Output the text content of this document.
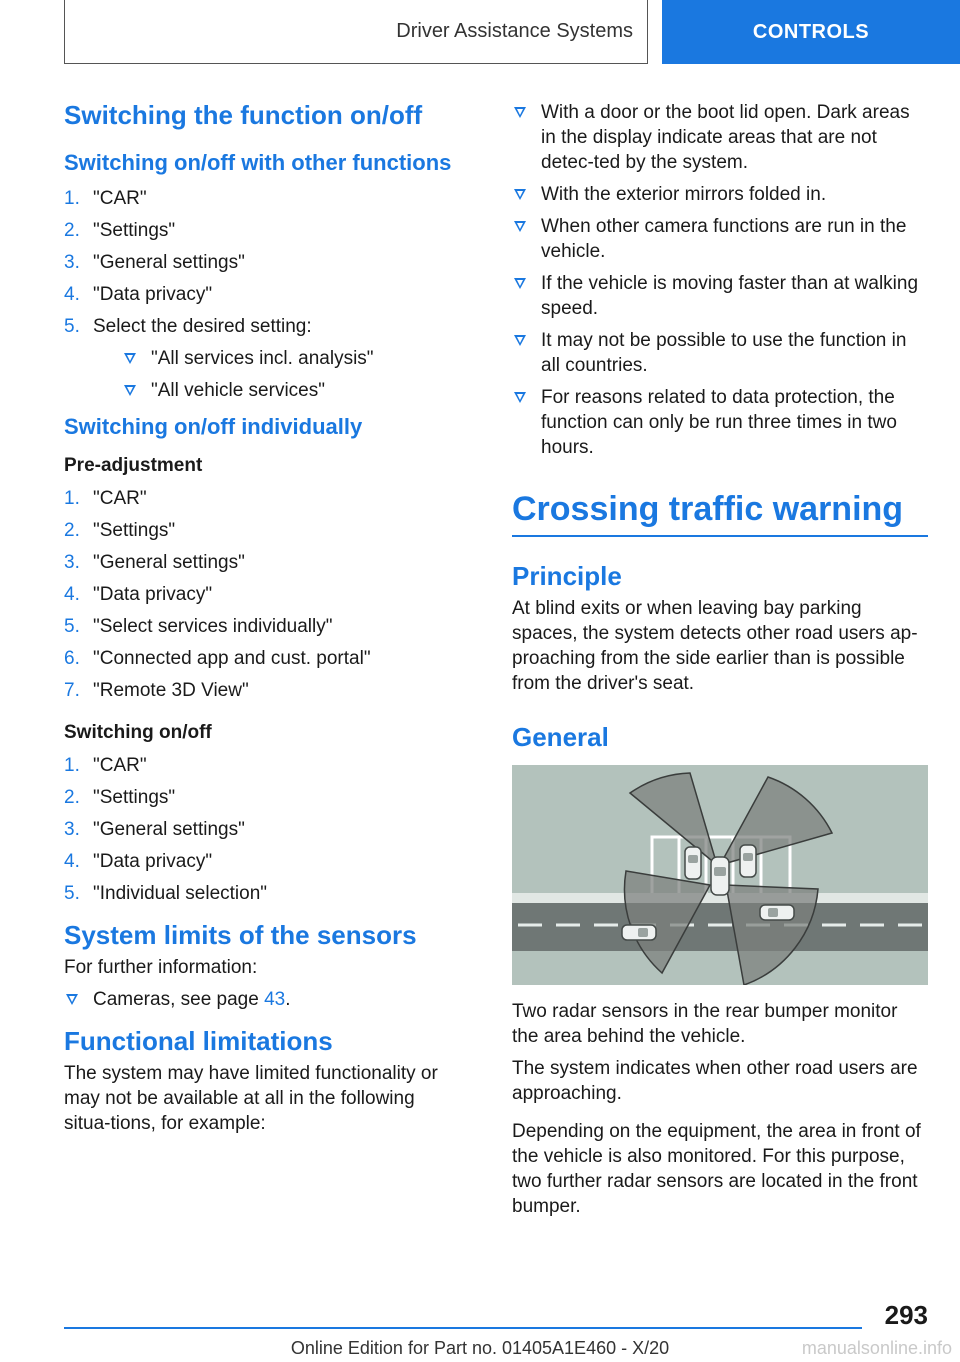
Driver Assistance Systems	CONTROLS
Switching the function on/off
Switching on/off with other functions
1. "CAR"
2. "Settings"
3. "General settings"
4. "Data privacy"
5. Select the desired setting:
"All services incl. analysis"
"All vehicle services"
Switching on/off individually
Pre-adjustment
1. "CAR"
2. "Settings"
3. "General settings"
4. "Data privacy"
5. "Select services individually"
6. "Connected app and cust. portal"
7. "Remote 3D View"
Switching on/off
1. "CAR"
2. "Settings"
3. "General settings"
4. "Data privacy"
5. "Individual selection"
System limits of the sensors

For further information:

Cameras, see page 43.
Functional limitations

The system may have limited functionality or may not be available at all in the following situa-tions, for example:

With a door or the boot lid open. Dark areas in the display indicate areas that are not detec-ted by the system.
With the exterior mirrors folded in.
When other camera functions are run in the vehicle.
If the vehicle is moving faster than at walking speed.
It may not be possible to use the function in all countries.
For reasons related to data protection, the function can only be run three times in two hours.
Crossing traffic warning
Principle

At blind exits or when leaving bay parking spaces, the system detects other road users ap-proaching from the side earlier than is possible from the driver's seat.

General

Two radar sensors in the rear bumper monitor the area behind the vehicle.

The system indicates when other road users are approaching.

Depending on the equipment, the area in front of the vehicle is also monitored. For this purpose, two further radar sensors are located in the front bumper.

293
Online Edition for Part no. 01405A1E460 - X/20	manualsonline.info
